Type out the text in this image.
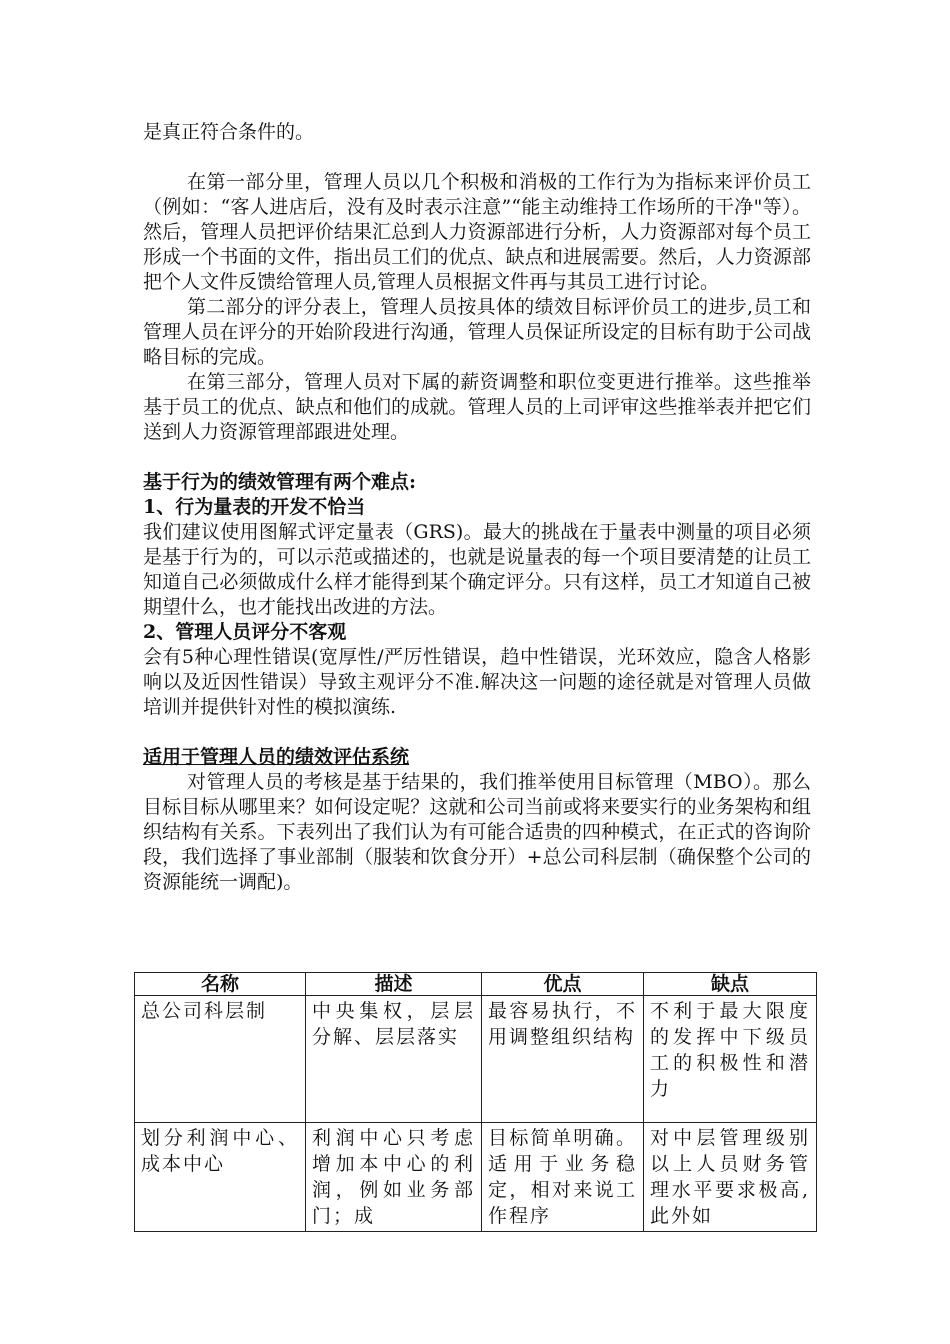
是真正符合条件的。

在第一部分里，管理人员以几个积极和消极的工作行为为指标来评价员工（例如：“客人进店后，没有及时表示注意”“能主动维持工作场所的干净"等）。然后，管理人员把评价结果汇总到人力资源部进行分析，人力资源部对每个员工形成一个书面的文件，指出员工们的优点、缺点和进展需要。然后，人力资源部把个人文件反馈给管理人员,管理人员根据文件再与其员工进行讨论。

第二部分的评分表上，管理人员按具体的绩效目标评价员工的进步,员工和管理人员在评分的开始阶段进行沟通，管理人员保证所设定的目标有助于公司战略目标的完成。

在第三部分，管理人员对下属的薪资调整和职位变更进行推举。这些推举基于员工的优点、缺点和他们的成就。管理人员的上司评审这些推举表并把它们送到人力资源管理部跟进处理。

基于行为的绩效管理有两个难点:

1、行为量表的开发不恰当

我们建议使用图解式评定量表（GRS)。最大的挑战在于量表中测量的项目必须是基于行为的，可以示范或描述的，也就是说量表的每一个项目要清楚的让员工知道自己必须做成什么样才能得到某个确定评分。只有这样，员工才知道自己被期望什么，也才能找出改进的方法。

2、管理人员评分不客观

会有5种心理性错误(宽厚性/严厉性错误，趋中性错误，光环效应，隐含人格影响以及近因性错误）导致主观评分不准.解决这一问题的途径就是对管理人员做培训并提供针对性的模拟演练.

适用于管理人员的绩效评估系统

对管理人员的考核是基于结果的，我们推举使用目标管理（MBO）。那么目标目标从哪里来？如何设定呢？这就和公司当前或将来要实行的业务架构和组织结构有关系。下表列出了我们认为有可能合适贵的四种模式，在正式的咨询阶段，我们选择了事业部制（服装和饮食分开）+总公司科层制（确保整个公司的资源能统一调配)。

名称	描述	优点	缺点
总公司科层制	中央集权，层层分解、层层落实	最容易执行，不用调整组织结构	不利于最大限度的发挥中下级员工的积极性和潜力
划分利润中心、成本中心	利润中心只考虑增加本中心的利润，例如业务部门；成	目标简单明确。适用于业务稳定，相对来说工作程序	对中层管理级别以上人员财务管理水平要求极高,此外如
